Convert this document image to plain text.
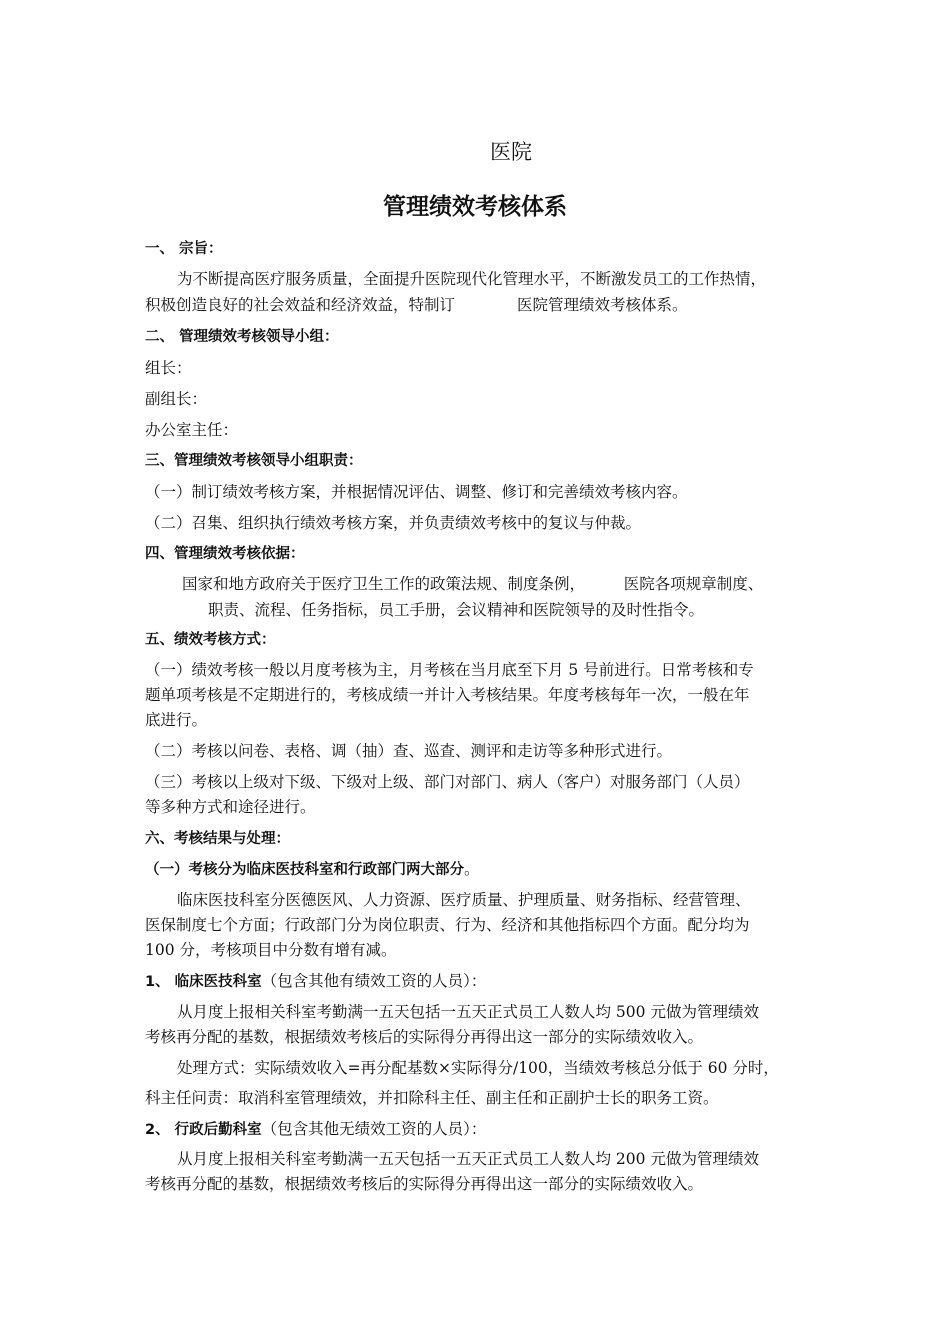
医院
管理绩效考核体系

一、 宗旨：

为不断提高医疗服务质量，全面提升医院现代化管理水平，不断激发员工的工作热情，

积极创造良好的社会效益和经济效益，特制订　　　　医院管理绩效考核体系。

二、 管理绩效考核领导小组：

组长：

副组长：

办公室主任：

三、管理绩效考核领导小组职责：

（一）制订绩效考核方案，并根据情况评估、调整、修订和完善绩效考核内容。

（二）召集、组织执行绩效考核方案，并负责绩效考核中的复议与仲裁。

四、管理绩效考核依据：

国家和地方政府关于医疗卫生工作的政策法规、制度条例，　　　医院各项规章制度、

职责、流程、任务指标，员工手册，会议精神和医院领导的及时性指令。

五、绩效考核方式：

（一）绩效考核一般以月度考核为主，月考核在当月底至下月 5 号前进行。日常考核和专

题单项考核是不定期进行的，考核成绩一并计入考核结果。年度考核每年一次，一般在年

底进行。

（二）考核以问卷、表格、调（抽）查、巡查、测评和走访等多种形式进行。

（三）考核以上级对下级、下级对上级、部门对部门、病人（客户）对服务部门（人员）

等多种方式和途径进行。

六、考核结果与处理：

（一）考核分为临床医技科室和行政部门两大部分。

临床医技科室分医德医风、人力资源、医疗质量、护理质量、财务指标、经营管理、

医保制度七个方面；行政部门分为岗位职责、行为、经济和其他指标四个方面。配分均为

100 分，考核项目中分数有增有减。

1、 临床医技科室（包含其他有绩效工资的人员）：

从月度上报相关科室考勤满一五天包括一五天正式员工人数人均 500 元做为管理绩效

考核再分配的基数，根据绩效考核后的实际得分再得出这一部分的实际绩效收入。

处理方式：实际绩效收入=再分配基数×实际得分/100，当绩效考核总分低于 60 分时，

科主任问责：取消科室管理绩效，并扣除科主任、副主任和正副护士长的职务工资。

2、 行政后勤科室（包含其他无绩效工资的人员）：

从月度上报相关科室考勤满一五天包括一五天正式员工人数人均 200 元做为管理绩效

考核再分配的基数，根据绩效考核后的实际得分再得出这一部分的实际绩效收入。
